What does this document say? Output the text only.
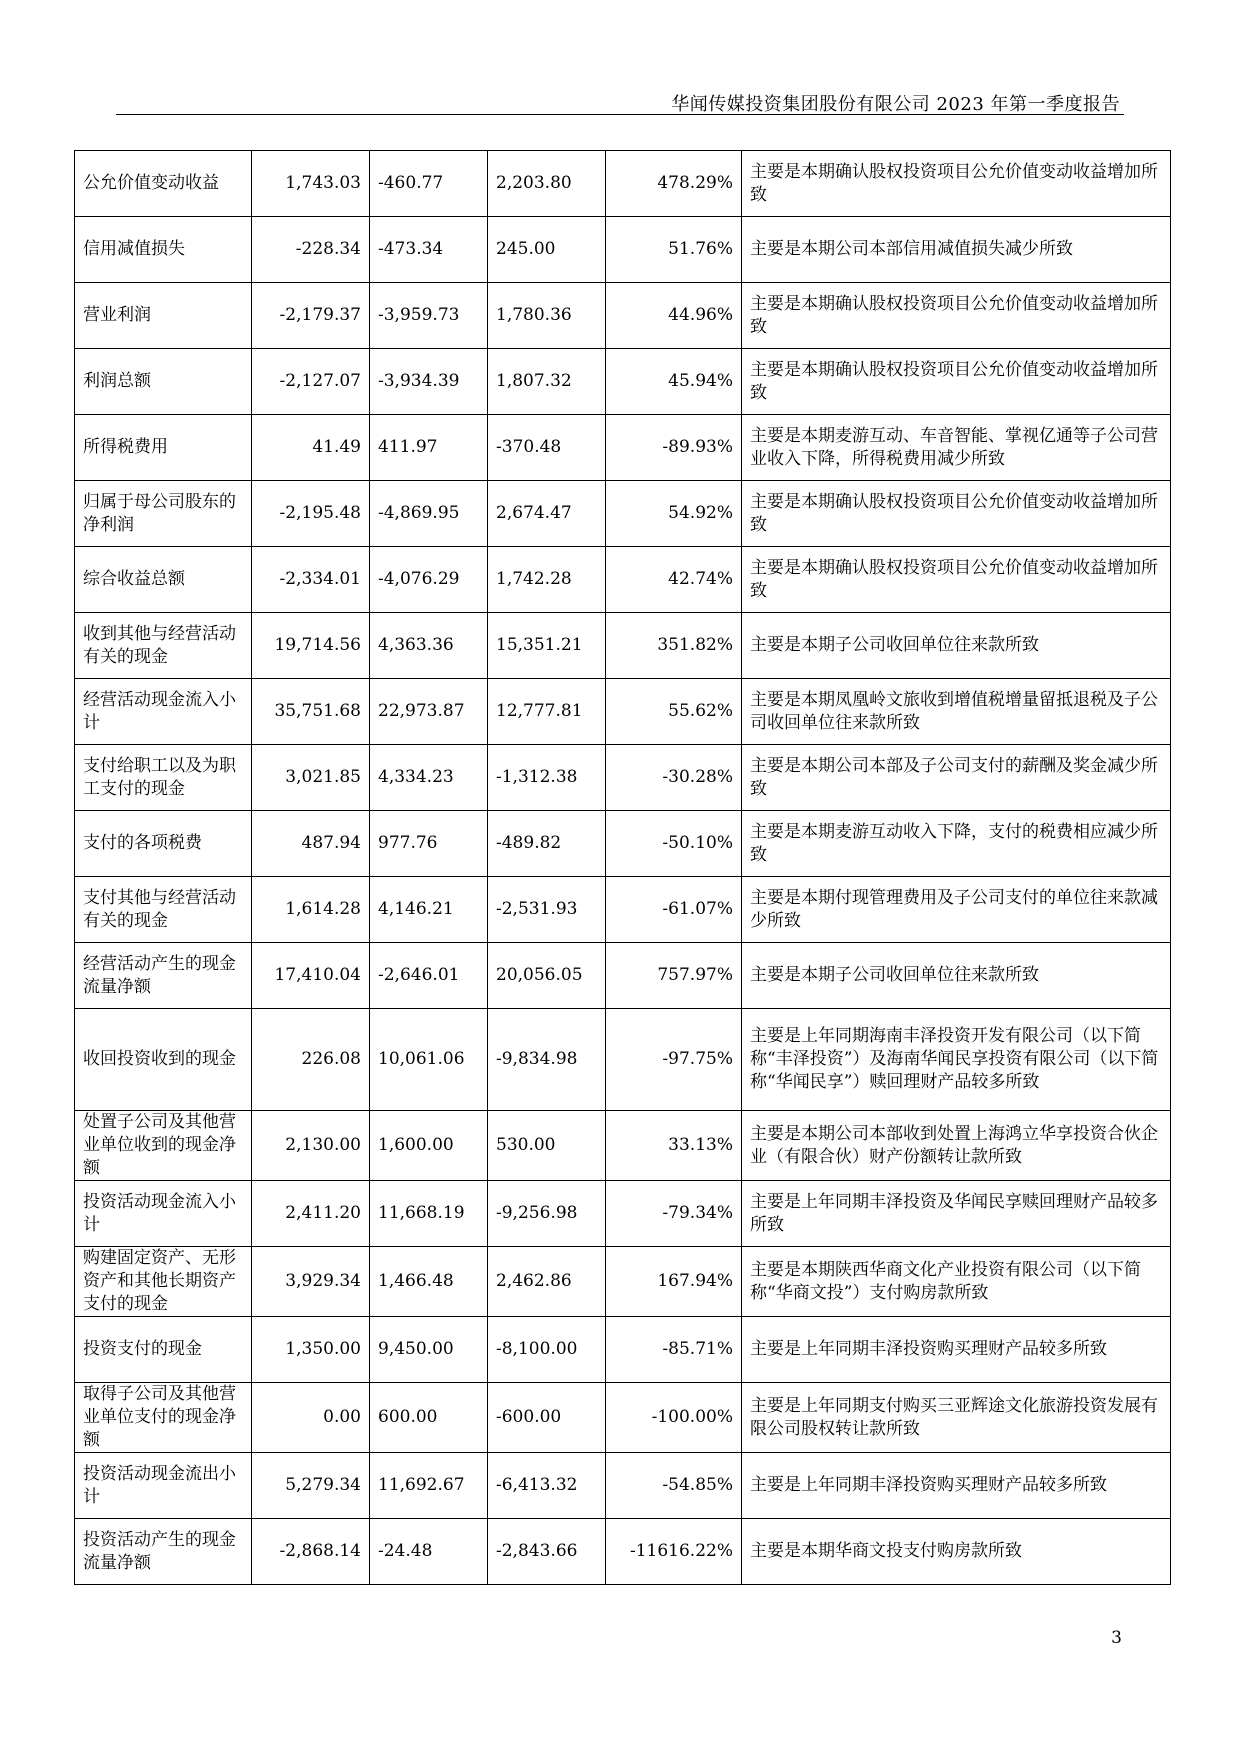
华闻传媒投资集团股份有限公司 2023 年第一季度报告
公允价值变动收益	1,743.03	-460.77	2,203.80	478.29%	主要是本期确认股权投资项目公允价值变动收益增加所致
信用减值损失	-228.34	-473.34	245.00	51.76%	主要是本期公司本部信用减值损失减少所致
营业利润	-2,179.37	-3,959.73	1,780.36	44.96%	主要是本期确认股权投资项目公允价值变动收益增加所致
利润总额	-2,127.07	-3,934.39	1,807.32	45.94%	主要是本期确认股权投资项目公允价值变动收益增加所致
所得税费用	41.49	411.97	-370.48	-89.93%	主要是本期麦游互动、车音智能、掌视亿通等子公司营业收入下降，所得税费用减少所致
归属于母公司股东的净利润	-2,195.48	-4,869.95	2,674.47	54.92%	主要是本期确认股权投资项目公允价值变动收益增加所致
综合收益总额	-2,334.01	-4,076.29	1,742.28	42.74%	主要是本期确认股权投资项目公允价值变动收益增加所致
收到其他与经营活动有关的现金	19,714.56	4,363.36	15,351.21	351.82%	主要是本期子公司收回单位往来款所致
经营活动现金流入小计	35,751.68	22,973.87	12,777.81	55.62%	主要是本期凤凰岭文旅收到增值税增量留抵退税及子公司收回单位往来款所致
支付给职工以及为职工支付的现金	3,021.85	4,334.23	-1,312.38	-30.28%	主要是本期公司本部及子公司支付的薪酬及奖金减少所致
支付的各项税费	487.94	977.76	-489.82	-50.10%	主要是本期麦游互动收入下降，支付的税费相应减少所致
支付其他与经营活动有关的现金	1,614.28	4,146.21	-2,531.93	-61.07%	主要是本期付现管理费用及子公司支付的单位往来款减少所致
经营活动产生的现金流量净额	17,410.04	-2,646.01	20,056.05	757.97%	主要是本期子公司收回单位往来款所致
收回投资收到的现金	226.08	10,061.06	-9,834.98	-97.75%	主要是上年同期海南丰泽投资开发有限公司（以下简称“丰泽投资”）及海南华闻民享投资有限公司（以下简称“华闻民享”）赎回理财产品较多所致
处置子公司及其他营业单位收到的现金净额	2,130.00	1,600.00	530.00	33.13%	主要是本期公司本部收到处置上海鸿立华享投资合伙企业（有限合伙）财产份额转让款所致
投资活动现金流入小计	2,411.20	11,668.19	-9,256.98	-79.34%	主要是上年同期丰泽投资及华闻民享赎回理财产品较多所致
购建固定资产、无形资产和其他长期资产支付的现金	3,929.34	1,466.48	2,462.86	167.94%	主要是本期陕西华商文化产业投资有限公司（以下简称“华商文投”）支付购房款所致
投资支付的现金	1,350.00	9,450.00	-8,100.00	-85.71%	主要是上年同期丰泽投资购买理财产品较多所致
取得子公司及其他营业单位支付的现金净额	0.00	600.00	-600.00	-100.00%	主要是上年同期支付购买三亚辉途文化旅游投资发展有限公司股权转让款所致
投资活动现金流出小计	5,279.34	11,692.67	-6,413.32	-54.85%	主要是上年同期丰泽投资购买理财产品较多所致
投资活动产生的现金流量净额	-2,868.14	-24.48	-2,843.66	-11616.22%	主要是本期华商文投支付购房款所致
3
